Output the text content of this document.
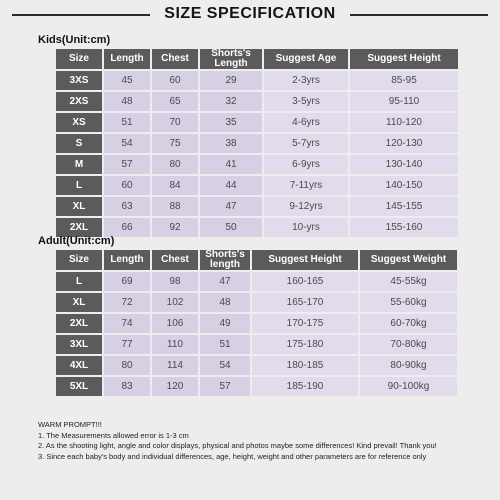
SIZE SPECIFICATION
Kids(Unit:cm)
Size	Length	Chest	Shorts's Length	Suggest Age	Suggest Height
3XS	45	60	29	2-3yrs	85-95
2XS	48	65	32	3-5yrs	95-110
XS	51	70	35	4-6yrs	110-120
S	54	75	38	5-7yrs	120-130
M	57	80	41	6-9yrs	130-140
L	60	84	44	7-11yrs	140-150
XL	63	88	47	9-12yrs	145-155
2XL	66	92	50	10-yrs	155-160
Adult(Unit:cm)
Size	Length	Chest	Shorts's length	Suggest Height	Suggest Weight
L	69	98	47	160-165	45-55kg
XL	72	102	48	165-170	55-60kg
2XL	74	106	49	170-175	60-70kg
3XL	77	110	51	175-180	70-80kg
4XL	80	114	54	180-185	80-90kg
5XL	83	120	57	185-190	90-100kg
WARM PROMPT!!!
1. The Measurements allowed error is 1-3 cm
2. As the shooting light, angle and color displays, physical and photos maybe some differences! Kind prevail! Thank you!
3. Since each baby's body and individual differences, age, height, weight and other parameters are for reference only
